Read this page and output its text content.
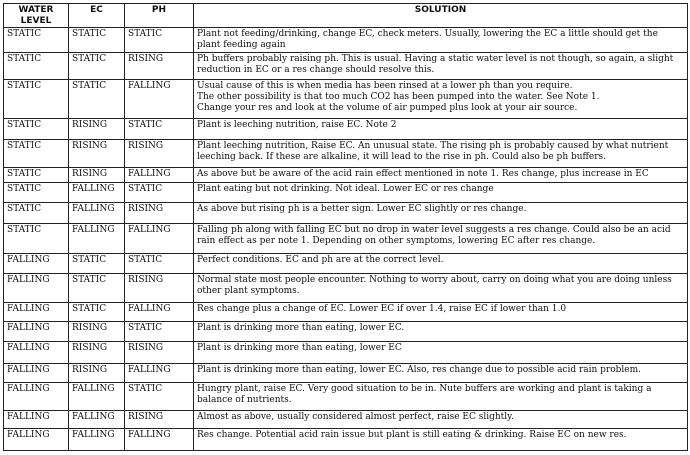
WATER LEVEL	EC	PH	SOLUTION
STATIC	STATIC	STATIC	Plant not feeding/drinking, change EC, check meters. Usually, lowering the EC a little should get the plant feeding again
STATIC	STATIC	RISING	Ph buffers probably raising ph. This is usual. Having a static water level is not though, so again, a slight reduction in EC or a res change should resolve this.
STATIC	STATIC	FALLING	Usual cause of this is when media has been rinsed at a lower ph than you require.
The other possibility is that too much CO2 has been pumped into the water. See Note 1.
Change your res and look at the volume of air pumped plus look at your air source.
STATIC	RISING	STATIC	Plant is leeching nutrition, raise EC. Note 2
STATIC	RISING	RISING	Plant leeching nutrition, Raise EC. An unusual state. The rising ph is probably caused by what nutrient leeching back. If these are alkaline, it will lead to the rise in ph. Could also be ph buffers.
STATIC	RISING	FALLING	As above but be aware of the acid rain effect mentioned in note 1. Res change, plus increase in EC
STATIC	FALLING	STATIC	Plant eating but not drinking. Not ideal. Lower EC or res change
STATIC	FALLING	RISING	As above but rising ph is a better sign. Lower EC slightly or res change.
STATIC	FALLING	FALLING	Falling ph along with falling EC but no drop in water level suggests a res change. Could also be an acid rain effect as per note 1. Depending on other symptoms, lowering EC after res change.
FALLING	STATIC	STATIC	Perfect conditions. EC and ph are at the correct level.
FALLING	STATIC	RISING	Normal state most people encounter. Nothing to worry about, carry on doing what you are doing unless other plant symptoms.
FALLING	STATIC	FALLING	Res change plus a change of EC. Lower EC if over 1.4, raise EC if lower than 1.0
FALLING	RISING	STATIC	Plant is drinking more than eating, lower EC.
FALLING	RISING	RISING	Plant is drinking more than eating, lower EC
FALLING	RISING	FALLING	Plant is drinking more than eating, lower EC. Also, res change due to possible acid rain problem.
FALLING	FALLING	STATIC	Hungry plant, raise EC. Very good situation to be in. Nute buffers are working and plant is taking a balance of nutrients.
FALLING	FALLING	RISING	Almost as above, usually considered almost perfect, raise EC slightly.
FALLING	FALLING	FALLING	Res change. Potential acid rain issue but plant is still eating & drinking. Raise EC on new res.
